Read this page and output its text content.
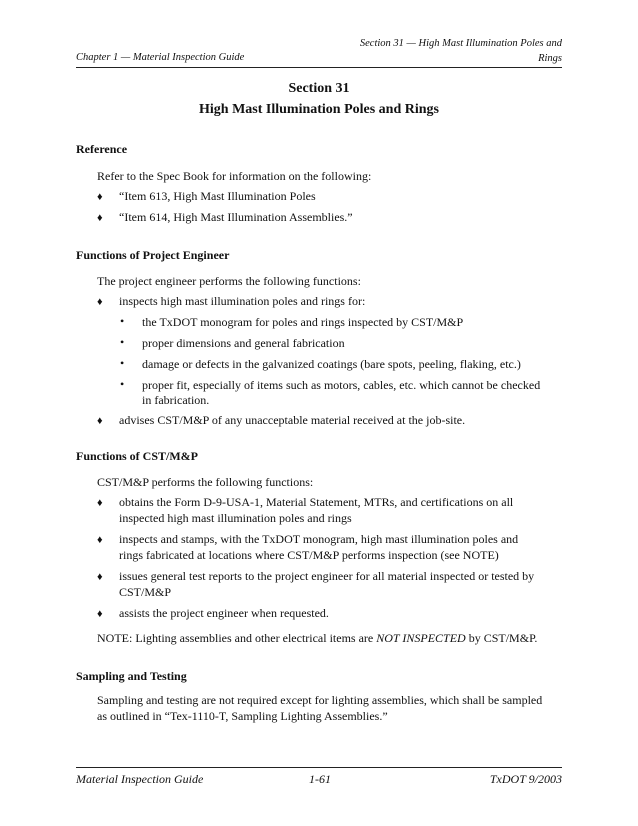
Section 31 — High Mast Illumination Poles and
Rings
Chapter 1 — Material Inspection Guide
Section 31
High Mast Illumination Poles and Rings
Reference
Refer to the Spec Book for information on the following:
♦ “Item 613, High Mast Illumination Poles
♦ “Item 614, High Mast Illumination Assemblies.”
Functions of Project Engineer
The project engineer performs the following functions:
♦ inspects high mast illumination poles and rings for:
• the TxDOT monogram for poles and rings inspected by CST/M&P
• proper dimensions and general fabrication
• damage or defects in the galvanized coatings (bare spots, peeling, flaking, etc.)
• proper fit, especially of items such as motors, cables, etc. which cannot be checked
in fabrication.
♦ advises CST/M&P of any unacceptable material received at the job-site.
Functions of CST/M&P
CST/M&P performs the following functions:
♦ obtains the Form D-9-USA-1, Material Statement, MTRs, and certifications on all
inspected high mast illumination poles and rings
♦ inspects and stamps, with the TxDOT monogram, high mast illumination poles and
rings fabricated at locations where CST/M&P performs inspection (see NOTE)
♦ issues general test reports to the project engineer for all material inspected or tested by
CST/M&P
♦ assists the project engineer when requested.
NOTE: Lighting assemblies and other electrical items are NOT INSPECTED by CST/M&P.
Sampling and Testing
Sampling and testing are not required except for lighting assemblies, which shall be sampled
as outlined in “Tex-1110-T, Sampling Lighting Assemblies.”
Material Inspection Guide	1-61	TxDOT 9/2003
